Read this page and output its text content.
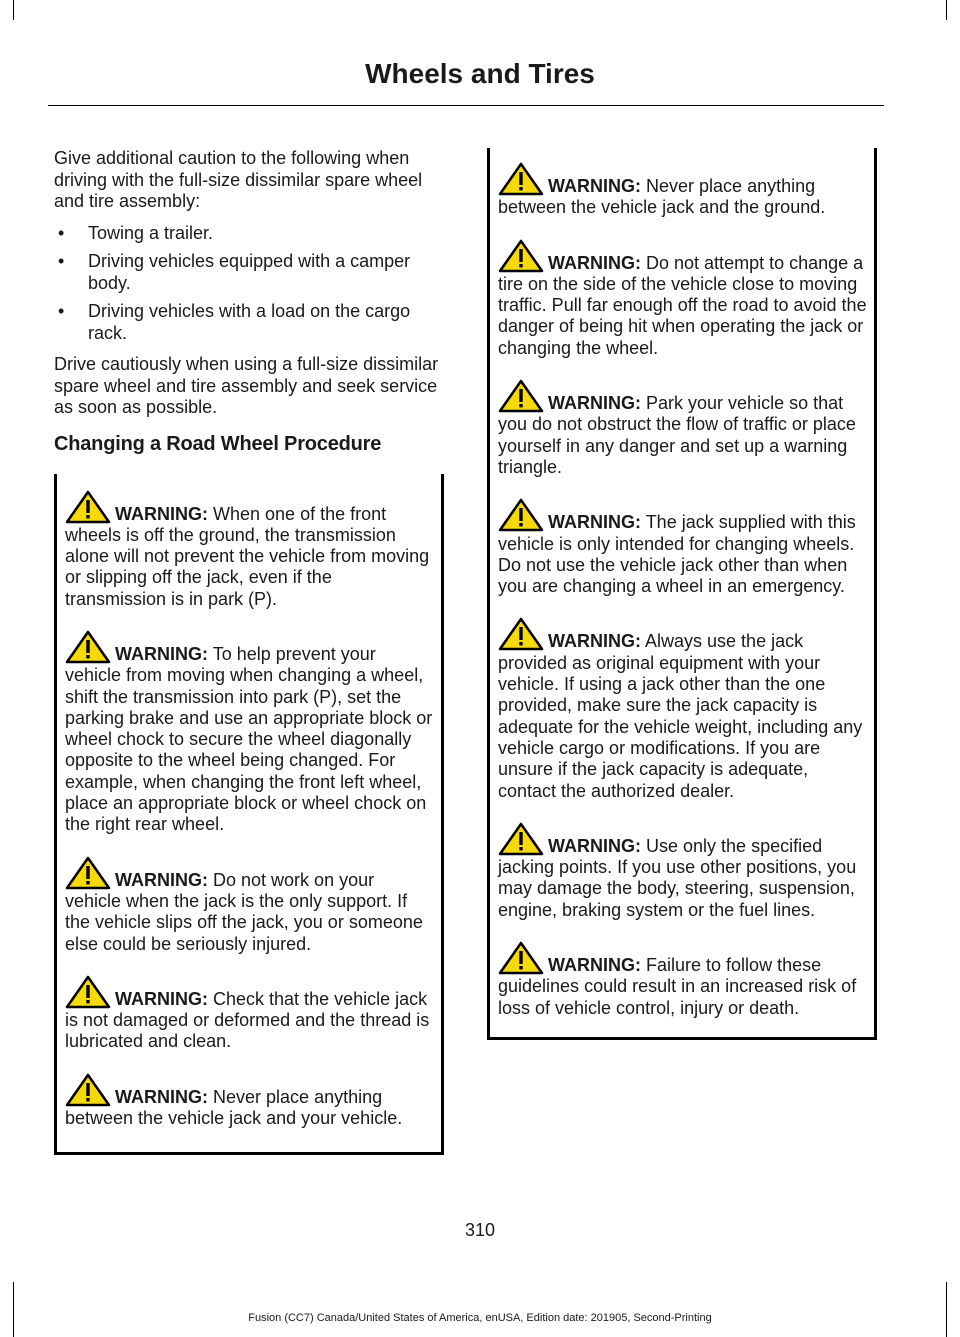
Wheels and Tires

Give additional caution to the following when driving with the full-size dissimilar spare wheel and tire assembly:

• Towing a trailer.
• Driving vehicles equipped with a camper body.
• Driving vehicles with a load on the cargo rack.

Drive cautiously when using a full-size dissimilar spare wheel and tire assembly and seek service as soon as possible.

Changing a Road Wheel Procedure
WARNING: When one of the front wheels is off the ground, the transmission alone will not prevent the vehicle from moving or slipping off the jack, even if the transmission is in park (P).
WARNING: To help prevent your vehicle from moving when changing a wheel, shift the transmission into park (P), set the parking brake and use an appropriate block or wheel chock to secure the wheel diagonally opposite to the wheel being changed. For example, when changing the front left wheel, place an appropriate block or wheel chock on the right rear wheel.
WARNING: Do not work on your vehicle when the jack is the only support. If the vehicle slips off the jack, you or someone else could be seriously injured.
WARNING: Check that the vehicle jack is not damaged or deformed and the thread is lubricated and clean.
WARNING: Never place anything between the vehicle jack and your vehicle.
WARNING: Never place anything between the vehicle jack and the ground.
WARNING: Do not attempt to change a tire on the side of the vehicle close to moving traffic. Pull far enough off the road to avoid the danger of being hit when operating the jack or changing the wheel.
WARNING: Park your vehicle so that you do not obstruct the flow of traffic or place yourself in any danger and set up a warning triangle.
WARNING: The jack supplied with this vehicle is only intended for changing wheels. Do not use the vehicle jack other than when you are changing a wheel in an emergency.
WARNING: Always use the jack provided as original equipment with your vehicle. If using a jack other than the one provided, make sure the jack capacity is adequate for the vehicle weight, including any vehicle cargo or modifications. If you are unsure if the jack capacity is adequate, contact the authorized dealer.
WARNING: Use only the specified jacking points. If you use other positions, you may damage the body, steering, suspension, engine, braking system or the fuel lines.
WARNING: Failure to follow these guidelines could result in an increased risk of loss of vehicle control, injury or death.
310
Fusion (CC7) Canada/United States of America, enUSA, Edition date: 201905, Second-Printing
